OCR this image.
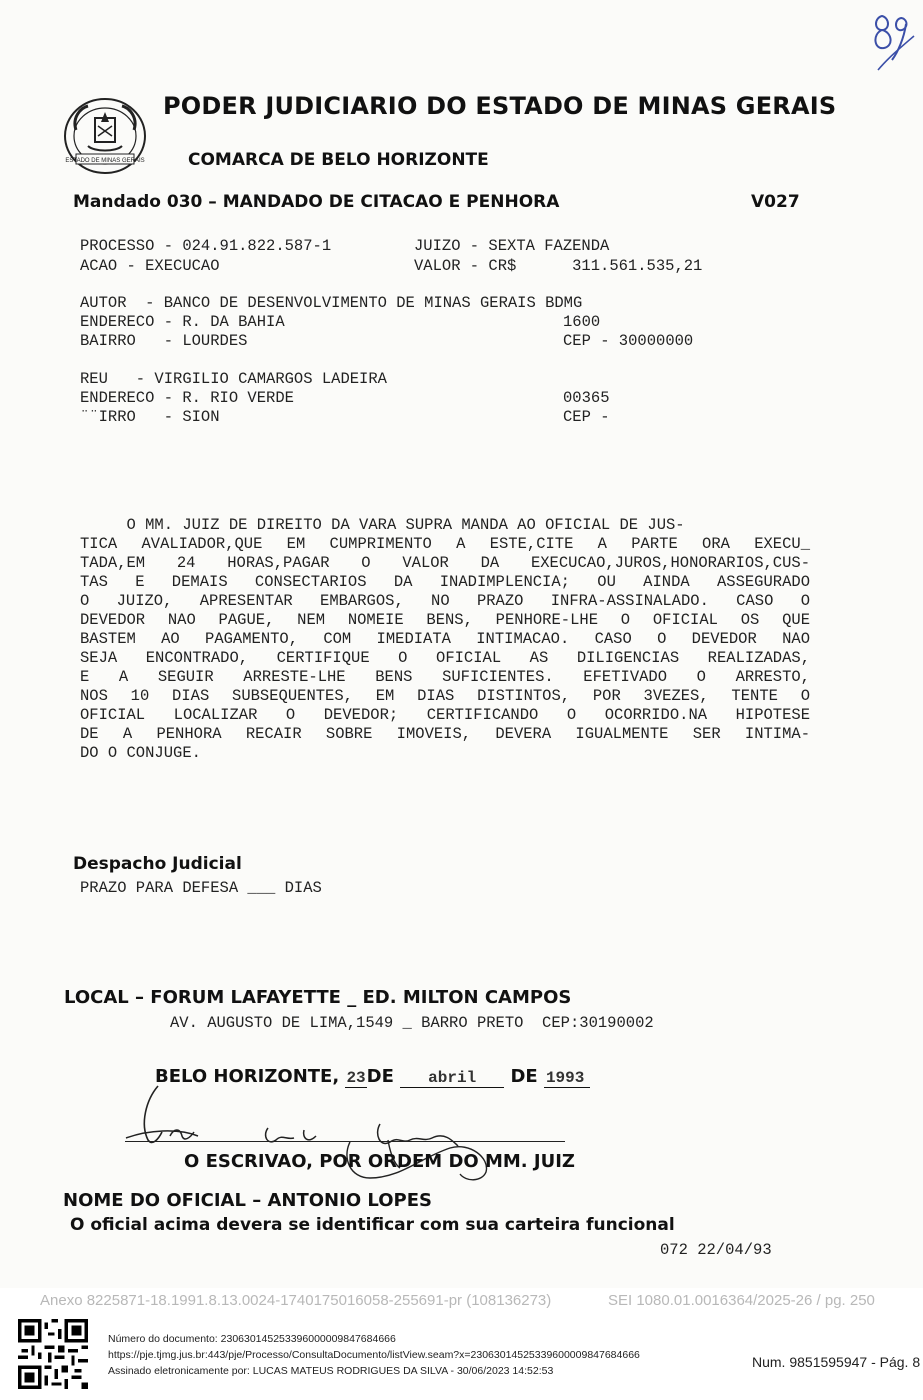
ESTADO DE MINAS GERAIS
PODER JUDICIARIO DO ESTADO DE MINAS GERAIS
COMARCA DE BELO HORIZONTE
Mandado 030 – MANDADO DE CITACAO E PENHORA	V027
PROCESSO - 024.91.822.587-1	JUIZO - SEXTA FAZENDA
ACAO - EXECUCAO	VALOR - CR$      311.561.535,21
AUTOR  - BANCO DE DESENVOLVIMENTO DE MINAS GERAIS BDMG
ENDERECO - R. DA BAHIA	1600
BAIRRO   - LOURDES	CEP - 30000000
REU   - VIRGILIO CAMARGOS LADEIRA
ENDERECO - R. RIO VERDE	00365
¨¨IRRO   - SION	CEP -
O MM. JUIZ DE DIREITO DA VARA SUPRA MANDA AO OFICIAL DE JUS-
TICA AVALIADOR,QUE EM CUMPRIMENTO A ESTE,CITE A PARTE ORA EXECU_
TADA,EM 24 HORAS,PAGAR O VALOR DA EXECUCAO,JUROS,HONORARIOS,CUS-
TAS E DEMAIS CONSECTARIOS DA INADIMPLENCIA; OU AINDA ASSEGURADO
O JUIZO, APRESENTAR EMBARGOS, NO PRAZO INFRA-ASSINALADO. CASO O
DEVEDOR NAO PAGUE, NEM NOMEIE BENS, PENHORE-LHE O OFICIAL OS QUE
BASTEM AO PAGAMENTO, COM IMEDIATA INTIMACAO. CASO O DEVEDOR NAO
SEJA ENCONTRADO, CERTIFIQUE O OFICIAL AS DILIGENCIAS REALIZADAS,
E A SEGUIR ARRESTE-LHE BENS SUFICIENTES. EFETIVADO O ARRESTO,
NOS 10 DIAS SUBSEQUENTES, EM DIAS DISTINTOS, POR 3VEZES, TENTE O
OFICIAL LOCALIZAR O DEVEDOR; CERTIFICANDO O OCORRIDO.NA HIPOTESE
DE A PENHORA RECAIR SOBRE IMOVEIS, DEVERA IGUALMENTE SER INTIMA-
DO O CONJUGE.
Despacho Judicial
PRAZO PARA DEFESA ___ DIAS
LOCAL – FORUM LAFAYETTE _ ED. MILTON CAMPOS
AV. AUGUSTO DE LIMA,1549 _ BARRO PRETO  CEP:30190002
BELO HORIZONTE, 23DE abril DE 1993
O ESCRIVAO, POR ORDEM DO MM. JUIZ
NOME DO OFICIAL – ANTONIO LOPES
O oficial acima devera se identificar com sua carteira funcional
072 22/04/93
Anexo 8225871-18.1991.8.13.0024-1740175016058-255691-pr (108136273)	SEI 1080.01.0016364/2025-26 / pg. 250
Número do documento: 23063014525339600000984768466​6
https://pje.tjmg.jus.br:443/pje/Processo/ConsultaDocumento/listView.seam?x=23063014525339600009847684666
Assinado eletronicamente por: LUCAS MATEUS RODRIGUES DA SILVA - 30/06/2023 14:52:53
Num. 9851595947 - Pág. 8
